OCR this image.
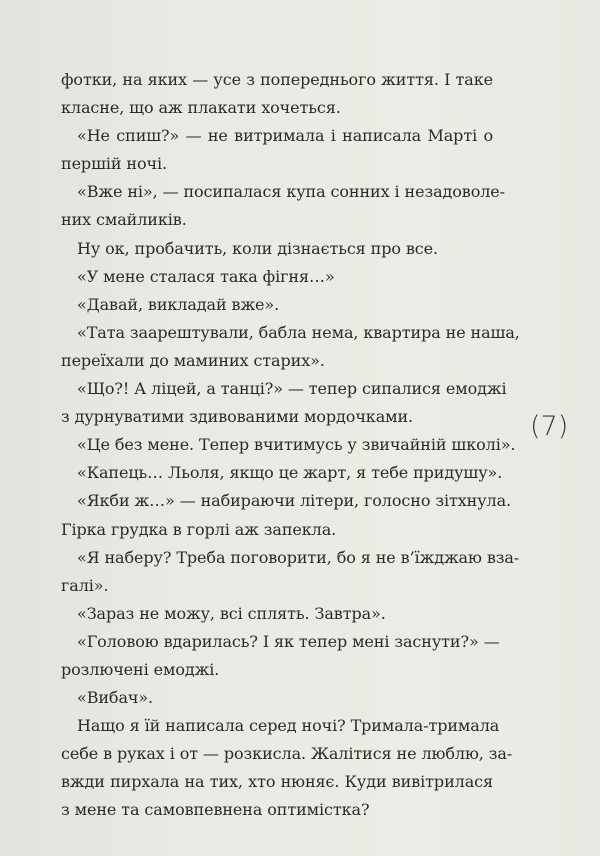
фотки, на яких — усе з попереднього життя. І таке
класне, що аж плакати хочеться.
«Не спиш?» — не витримала і написала Марті о
першій ночі.
«Вже ні», — посипалася купа сонних і незадоволе-
них смайликів.
Ну ок, пробачить, коли дізнається про все.
«У мене сталася така фігня…»
«Давай, викладай вже».
«Тата заарештували, бабла нема, квартира не наша,
переїхали до маминих старих».
«Що?! А ліцей, а танці?» — тепер сипалися емоджі
з дурнуватими здивованими мордочками.
«Це без мене. Тепер вчитимусь у звичайній школі».
«Капець… Льоля, якщо це жарт, я тебе придушу».
«Якби ж…» — набираючи літери, голосно зітхнула.
Гірка грудка в горлі аж запекла.
«Я наберу? Треба поговорити, бо я не в’їжджаю вза-
галі».
«Зараз не можу, всі сплять. Завтра».
«Головою вдарилась? І як тепер мені заснути?» —
розлючені емоджі.
«Вибач».
Нащо я їй написала серед ночі? Тримала-тримала
себе в руках і от — розкисла. Жалітися не люблю, за-
вжди пирхала на тих, хто нюняє. Куди вивітрилася
з мене та самовпевнена оптимістка?
(7)
